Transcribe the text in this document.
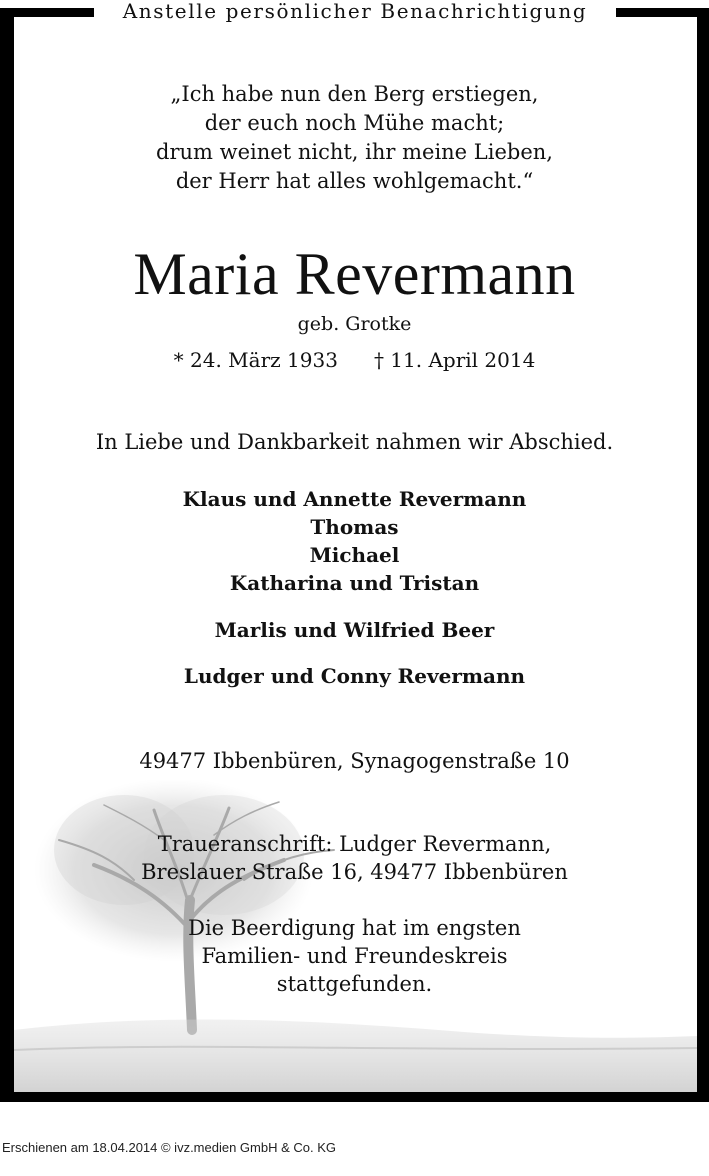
Anstelle persönlicher Benachrichtigung
„Ich habe nun den Berg erstiegen,
der euch noch Mühe macht;
drum weinet nicht, ihr meine Lieben,
der Herr hat alles wohlgemacht.“
Maria Revermann
geb. Grotke
* 24. März 1933 † 11. April 2014
In Liebe und Dankbarkeit nahmen wir Abschied.
Klaus und Annette Revermann
Thomas
Michael
Katharina und Tristan
Marlis und Wilfried Beer
Ludger und Conny Revermann
49477 Ibbenbüren, Synagogenstraße 10
Traueranschrift: Ludger Revermann,
Breslauer Straße 16, 49477 Ibbenbüren
Die Beerdigung hat im engsten
Familien- und Freundeskreis
stattgefunden.
Erschienen am 18.04.2014 © ivz.medien GmbH & Co. KG
